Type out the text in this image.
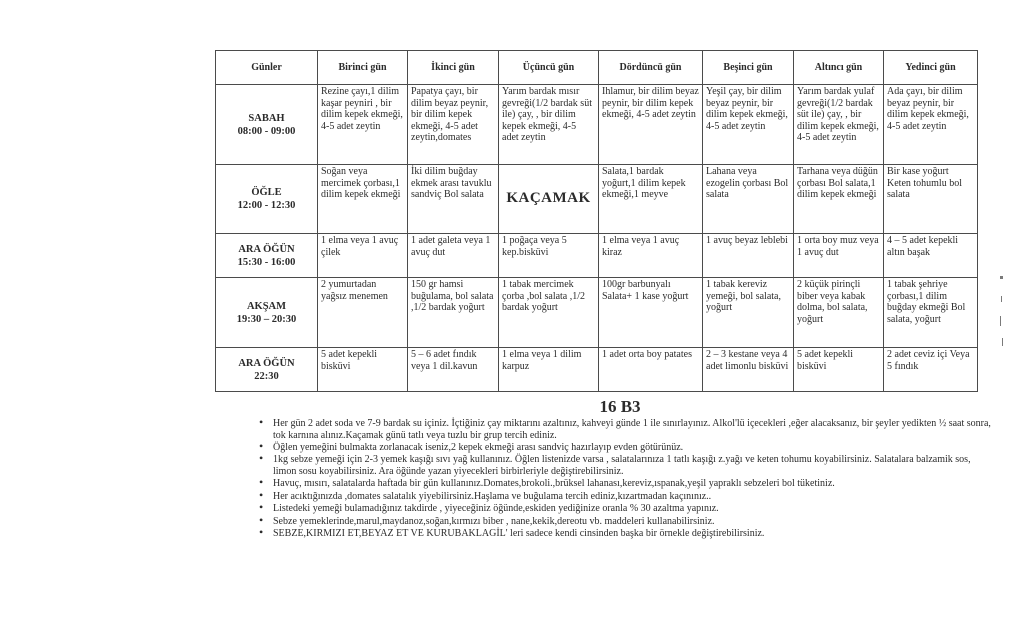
Günler	Birinci gün	İkinci gün	Üçüncü gün	Dördüncü gün	Beşinci gün	Altıncı gün	Yedinci gün

SABAH
08:00 - 09:00	Rezine çayı,1 dilim kaşar peyniri , bir dilim kepek ekmeği, 4-5 adet zeytin	Papatya çayı, bir dilim beyaz peynir, bir dilim kepek ekmeği, 4-5 adet zeytin,domates	Yarım bardak mısır gevreği(1/2 bardak süt ile) çay, , bir dilim kepek ekmeği, 4-5 adet zeytin	Ihlamur, bir dilim beyaz peynir, bir dilim kepek ekmeği, 4-5 adet zeytin	Yeşil çay, bir dilim beyaz peynir, bir dilim kepek ekmeği, 4-5 adet zeytin	Yarım bardak yulaf gevreği(1/2 bardak süt ile) çay, , bir dilim kepek ekmeği, 4-5 adet zeytin	Ada çayı, bir dilim beyaz peynir, bir dilim kepek ekmeği, 4-5 adet zeytin

ÖĞLE
12:00 - 12:30	Soğan veya mercimek çorbası,1 dilim kepek ekmeği	İki dilim buğday ekmek arası tavuklu sandviç Bol salata	KAÇAMAK	Salata,1 bardak yoğurt,1 dilim kepek ekmeği,1 meyve	Lahana veya ezogelin çorbası Bol salata	Tarhana veya düğün çorbası Bol salata,1 dilim kepek ekmeği	Bir kase yoğurt Keten tohumlu bol salata

ARA ÖĞÜN
15:30 - 16:00	1 elma veya 1 avuç çilek	1 adet galeta veya 1 avuç dut	1 poğaça veya 5 kep.bisküvi	1 elma veya 1 avuç kiraz	1 avuç beyaz leblebi	1 orta boy muz veya 1 avuç dut	4 – 5 adet kepekli altın başak

AKŞAM
19:30 – 20:30	2 yumurtadan yağsız menemen	150 gr hamsi buğulama, bol salata ,1/2 bardak yoğurt	1 tabak mercimek çorba ,bol salata ,1/2 bardak yoğurt	100gr barbunyalı Salata+ 1 kase yoğurt	1 tabak kereviz yemeği, bol salata, yoğurt	2 küçük pirinçli biber veya kabak dolma, bol salata, yoğurt	1 tabak şehriye çorbası,1 dilim buğday ekmeği Bol salata, yoğurt

ARA ÖĞÜN
22:30	5 adet kepekli bisküvi	5 – 6 adet fındık veya 1 dil.kavun	1 elma veya 1 dilim karpuz	1 adet orta boy patates	2 – 3 kestane veya 4 adet limonlu bisküvi	5 adet kepekli bisküvi	2 adet ceviz içi Veya 5 fındık
16 B3
• Her gün 2 adet soda ve 7-9 bardak su içiniz. İçtiğiniz çay miktarını azaltınız, kahveyi günde 1 ile sınırlayınız. Alkol'lü içecekleri ,eğer alacaksanız, bir şeyler yedikten ½ saat sonra, tok karnına alınız.Kaçamak günü tatlı veya tuzlu bir grup tercih ediniz.
• Öğlen yemeğini bulmakta zorlanacak iseniz,2 kepek ekmeği arası sandviç hazırlayıp evden götürünüz.
• 1kg sebze yemeği için 2-3 yemek kaşığı sıvı yağ kullanınız. Öğlen listenizde varsa , salatalarınıza 1 tatlı kaşığı z.yağı ve keten tohumu koyabilirsiniz. Salatalara balzamik sos, limon sosu koyabilirsiniz. Ara öğünde yazan yiyecekleri birbirleriyle değiştirebilirsiniz.
• Havuç, mısırı, salatalarda haftada bir gün kullanınız.Domates,brokoli.,brüksel lahanası,kereviz,ıspanak,yeşil yapraklı sebzeleri bol tüketiniz.
• Her acıktığınızda ,domates salatalık yiyebilirsiniz.Haşlama ve buğulama tercih ediniz,kızartmadan kaçınınız..
• Listedeki yemeği bulamadığınız takdirde , yiyeceğiniz öğünde,eskiden yediğinize oranla % 30 azaltma yapınız.
• Sebze yemeklerinde,marul,maydanoz,soğan,kırmızı biber , nane,kekik,dereotu vb. maddeleri kullanabilirsiniz.
• SEBZE,KIRMIZI ET,BEYAZ ET VE KURUBAKLAGİL' leri sadece kendi cinsinden başka bir örnekle değiştirebilirsiniz.
